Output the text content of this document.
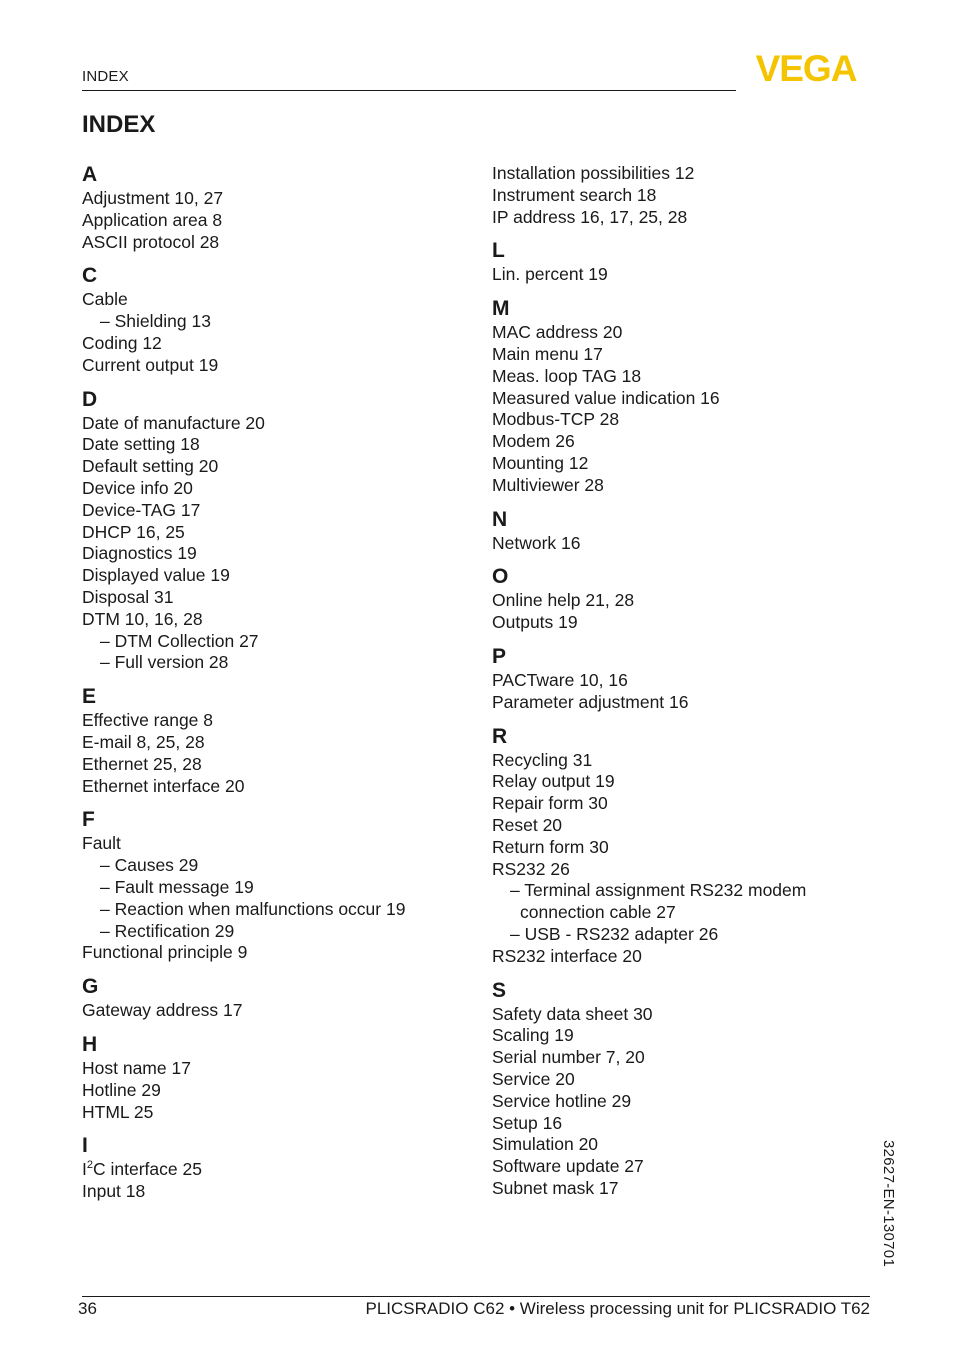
INDEX	VEGA
INDEX
A
Adjustment 10, 27
Application area 8
ASCII protocol 28
C
Cable
– Shielding 13
Coding 12
Current output 19
D
Date of manufacture 20
Date setting 18
Default setting 20
Device info 20
Device-TAG 17
DHCP 16, 25
Diagnostics 19
Displayed value 19
Disposal 31
DTM 10, 16, 28
– DTM Collection 27
– Full version 28
E
Effective range 8
E-mail 8, 25, 28
Ethernet 25, 28
Ethernet interface 20
F
Fault
– Causes 29
– Fault message 19
– Reaction when malfunctions occur 19
– Rectification 29
Functional principle 9
G
Gateway address 17
H
Host name 17
Hotline 29
HTML 25
I
$I^2C$ interface 25
Input 18
Installation possibilities 12
Instrument search 18
IP address 16, 17, 25, 28
L
Lin. percent 19
M
MAC address 20
Main menu 17
Meas. loop TAG 18
Measured value indication 16
Modbus-TCP 28
Modem 26
Mounting 12
Multiviewer 28
N
Network 16
O
Online help 21, 28
Outputs 19
P
PACTware 10, 16
Parameter adjustment 16
R
Recycling 31
Relay output 19
Repair form 30
Reset 20
Return form 30
RS232 26
– Terminal assignment RS232 modem
connection cable 27
– USB - RS232 adapter 26
RS232 interface 20
S
Safety data sheet 30
Scaling 19
Serial number 7, 20
Service 20
Service hotline 29
Setup 16
Simulation 20
Software update 27
Subnet mask 17	32627-EN-130701
36	PLICSRADIO C62 • Wireless processing unit for PLICSRADIO T62
